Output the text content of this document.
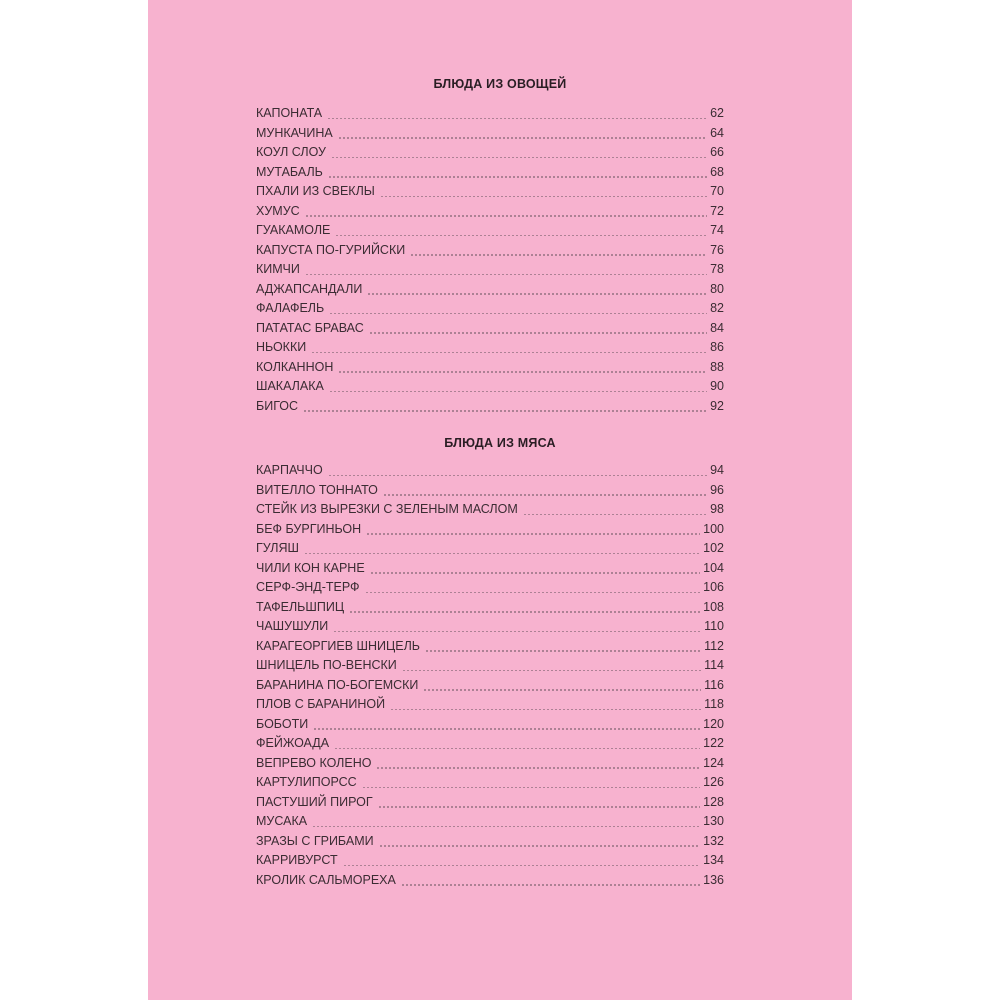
БЛЮДА ИЗ ОВОЩЕЙ
КАПОНАТА	62
МУНКАЧИНА	64
КОУЛ СЛОУ	66
МУТАБАЛЬ	68
ПХАЛИ ИЗ СВЕКЛЫ	70
ХУМУС	72
ГУАКАМОЛЕ	74
КАПУСТА ПО-ГУРИЙСКИ	76
КИМЧИ	78
АДЖАПСАНДАЛИ	80
ФАЛАФЕЛЬ	82
ПАТАТАС БРАВАС	84
НЬОККИ	86
КОЛКАННОН	88
ШАКАЛАКА	90
БИГОС	92
БЛЮДА ИЗ МЯСА
КАРПАЧЧО	94
ВИТЕЛЛО ТОННАТО	96
СТЕЙК ИЗ ВЫРЕЗКИ С ЗЕЛЕНЫМ МАСЛОМ	98
БЕФ БУРГИНЬОН	100
ГУЛЯШ	102
ЧИЛИ КОН КАРНЕ	104
СЕРФ-ЭНД-ТЕРФ	106
ТАФЕЛЬШПИЦ	108
ЧАШУШУЛИ	110
КАРАГЕОРГИЕВ ШНИЦЕЛЬ	112
ШНИЦЕЛЬ ПО-ВЕНСКИ	114
БАРАНИНА ПО-БОГЕМСКИ	116
ПЛОВ С БАРАНИНОЙ	118
БОБОТИ	120
ФЕЙЖОАДА	122
ВЕПРЕВО КОЛЕНО	124
КАРТУЛИПОРСС	126
ПАСТУШИЙ ПИРОГ	128
МУСАКА	130
ЗРАЗЫ С ГРИБАМИ	132
КАРРИВУРСТ	134
КРОЛИК САЛЬМОРЕХА	136
